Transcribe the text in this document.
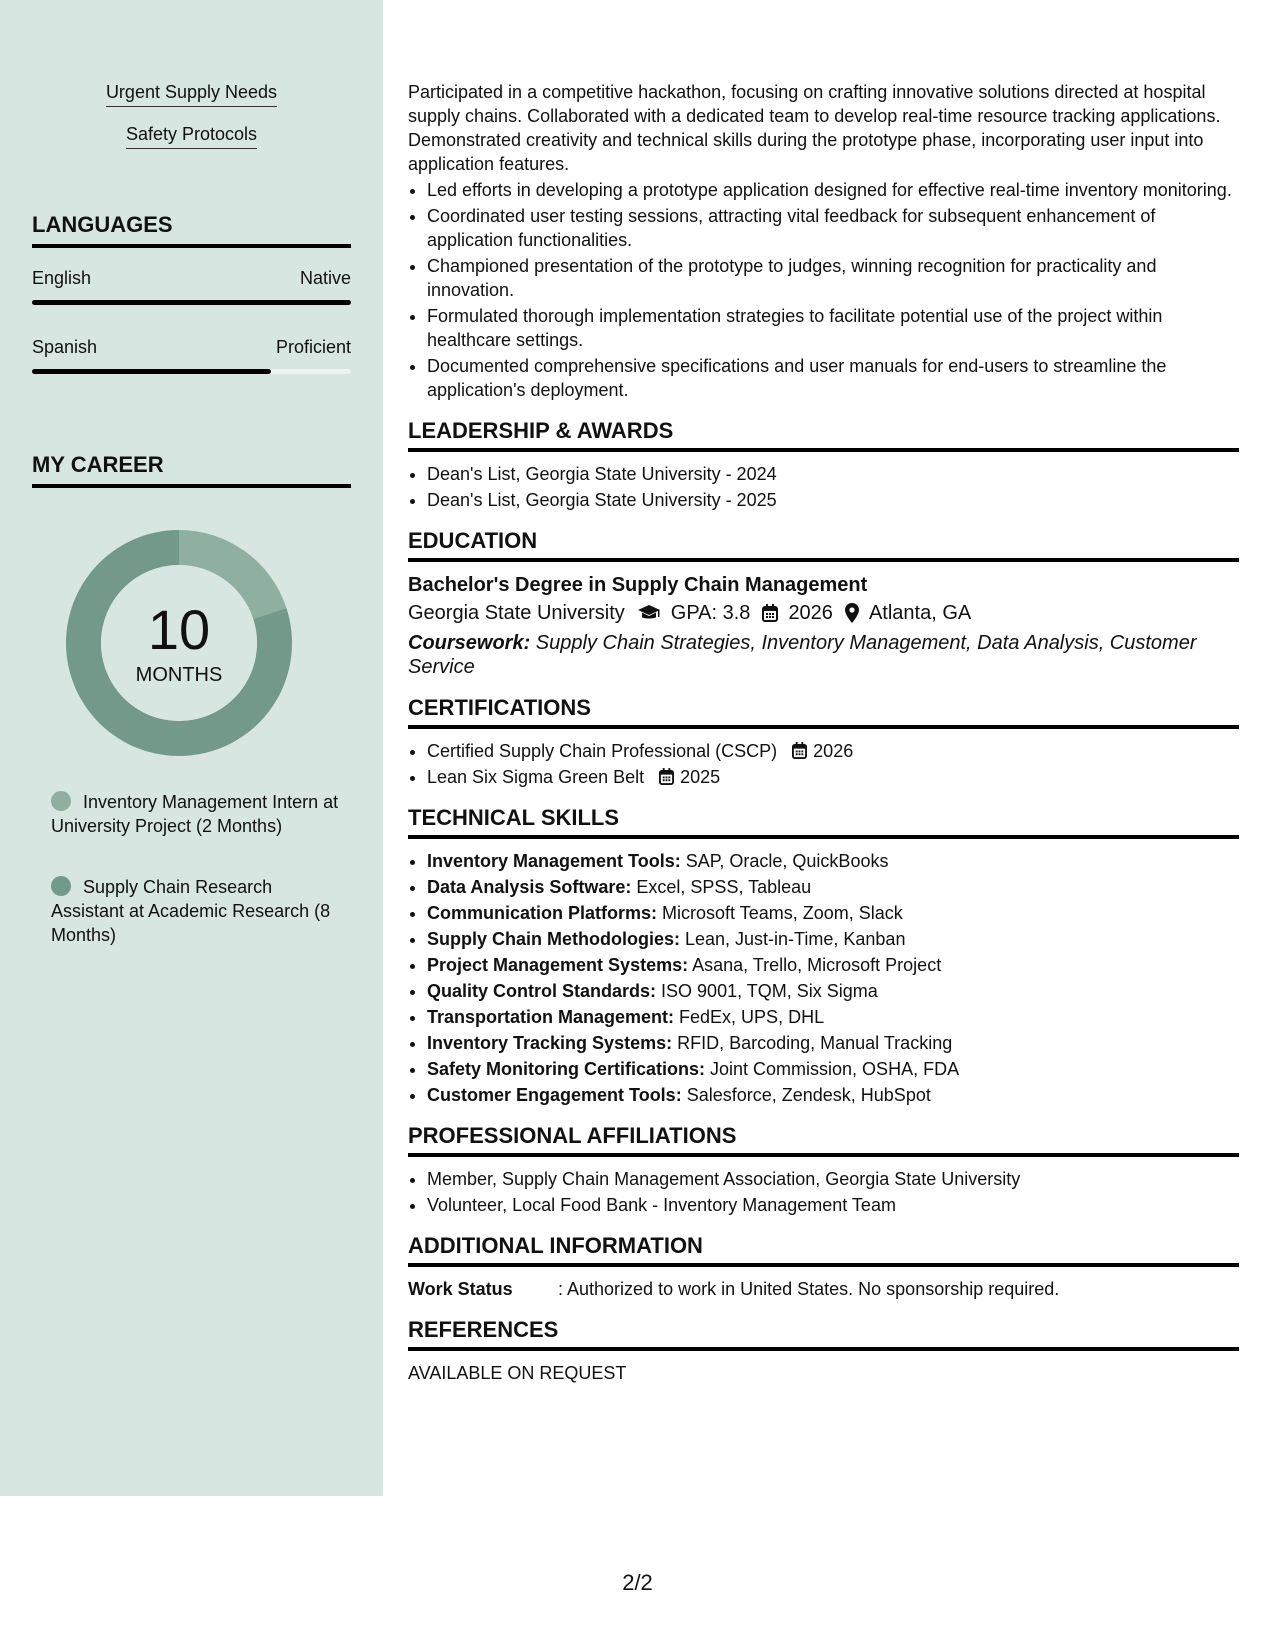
Urgent Supply Needs
Safety Protocols
LANGUAGES
English	Native
Spanish	Proficient
MY CAREER
10
MONTHS
Inventory Management Intern at University Project (2 Months)
Supply Chain Research Assistant at Academic Research (8 Months)
Participated in a competitive hackathon, focusing on crafting innovative solutions directed at hospital supply chains. Collaborated with a dedicated team to develop real-time resource tracking applications. Demonstrated creativity and technical skills during the prototype phase, incorporating user input into application features.
• Led efforts in developing a prototype application designed for effective real-time inventory monitoring.
• Coordinated user testing sessions, attracting vital feedback for subsequent enhancement of application functionalities.
• Championed presentation of the prototype to judges, winning recognition for practicality and innovation.
• Formulated thorough implementation strategies to facilitate potential use of the project within healthcare settings.
• Documented comprehensive specifications and user manuals for end-users to streamline the application's deployment.
LEADERSHIP & AWARDS
• Dean's List, Georgia State University - 2024
• Dean's List, Georgia State University - 2025
EDUCATION
Bachelor's Degree in Supply Chain Management
Georgia State University GPA: 3.8 2026 Atlanta, GA
Coursework: Supply Chain Strategies, Inventory Management, Data Analysis, Customer Service
CERTIFICATIONS
• Certified Supply Chain Professional (CSCP) 2026
• Lean Six Sigma Green Belt 2025
TECHNICAL SKILLS
• Inventory Management Tools: SAP, Oracle, QuickBooks
• Data Analysis Software: Excel, SPSS, Tableau
• Communication Platforms: Microsoft Teams, Zoom, Slack
• Supply Chain Methodologies: Lean, Just-in-Time, Kanban
• Project Management Systems: Asana, Trello, Microsoft Project
• Quality Control Standards: ISO 9001, TQM, Six Sigma
• Transportation Management: FedEx, UPS, DHL
• Inventory Tracking Systems: RFID, Barcoding, Manual Tracking
• Safety Monitoring Certifications: Joint Commission, OSHA, FDA
• Customer Engagement Tools: Salesforce, Zendesk, HubSpot
PROFESSIONAL AFFILIATIONS
• Member, Supply Chain Management Association, Georgia State University
• Volunteer, Local Food Bank - Inventory Management Team
ADDITIONAL INFORMATION
Work Status	: Authorized to work in United States. No sponsorship required.
REFERENCES
AVAILABLE ON REQUEST
2/2
